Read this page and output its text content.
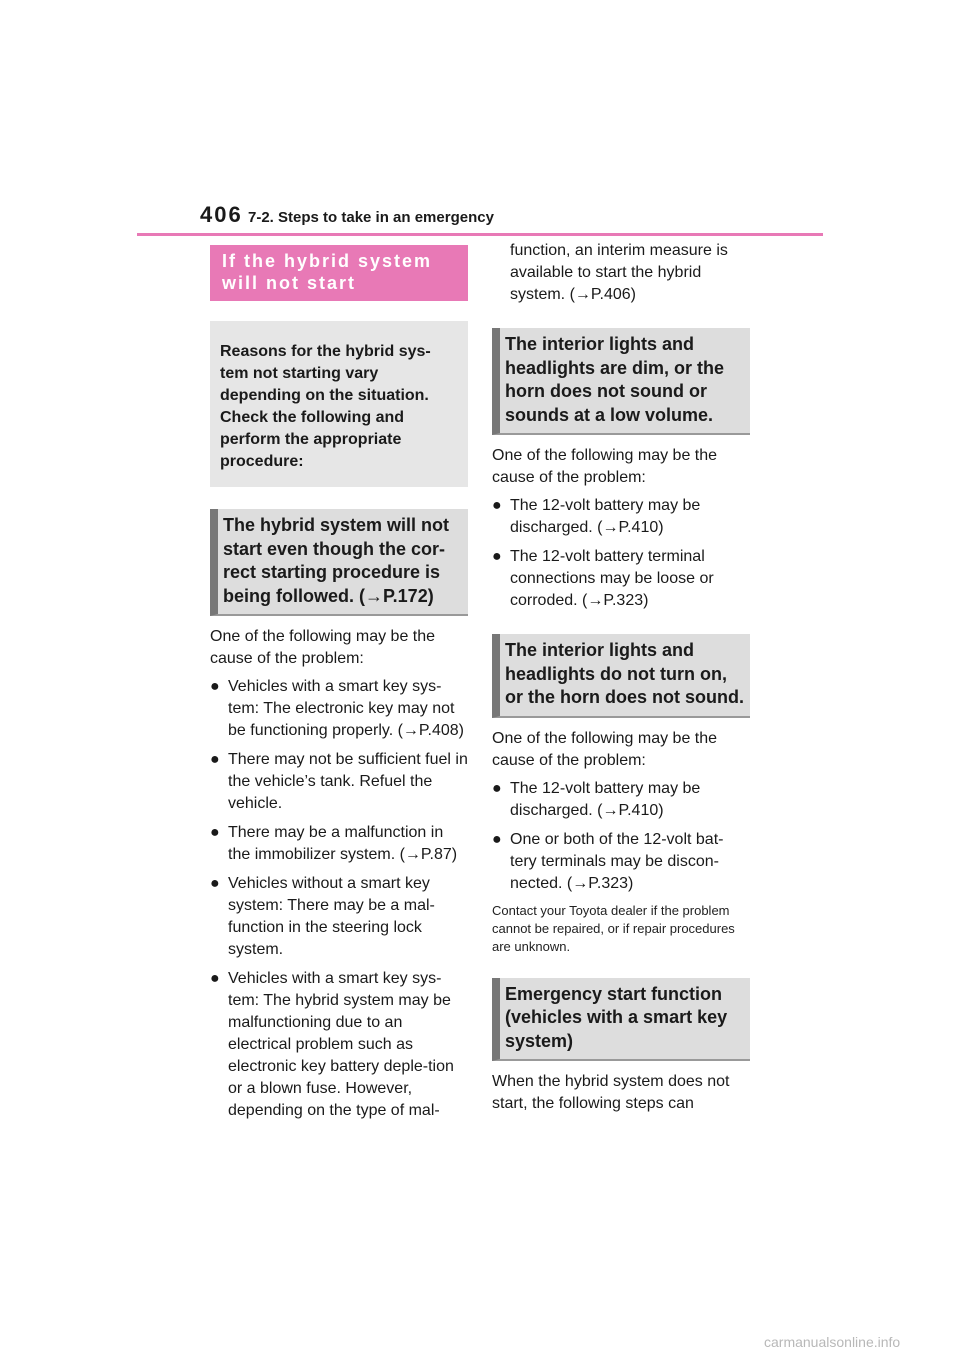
406 7-2. Steps to take in an emergency
If the hybrid system will not start
Reasons for the hybrid sys-tem not starting vary depending on the situation. Check the following and perform the appropriate procedure:
The hybrid system will not start even though the cor-rect starting procedure is being followed. (→P.172)
One of the following may be the cause of the problem:
● Vehicles with a smart key sys-tem: The electronic key may not be functioning properly. (→P.408)
● There may not be sufficient fuel in the vehicle’s tank. Refuel the vehicle.
● There may be a malfunction in the immobilizer system. (→P.87)
● Vehicles without a smart key system: There may be a mal-function in the steering lock system.
● Vehicles with a smart key sys-tem: The hybrid system may be malfunctioning due to an electrical problem such as electronic key battery deple-tion or a blown fuse. However, depending on the type of mal-
function, an interim measure is available to start the hybrid system. (→P.406)
The interior lights and headlights are dim, or the horn does not sound or sounds at a low volume.
One of the following may be the cause of the problem:
● The 12-volt battery may be discharged. (→P.410)
● The 12-volt battery terminal connections may be loose or corroded. (→P.323)
The interior lights and headlights do not turn on, or the horn does not sound.
One of the following may be the cause of the problem:
● The 12-volt battery may be discharged. (→P.410)
● One or both of the 12-volt bat-tery terminals may be discon-nected. (→P.323)
Contact your Toyota dealer if the problem cannot be repaired, or if repair procedures are unknown.
Emergency start function (vehicles with a smart key system)
When the hybrid system does not start, the following steps can
carmanualsonline.info
